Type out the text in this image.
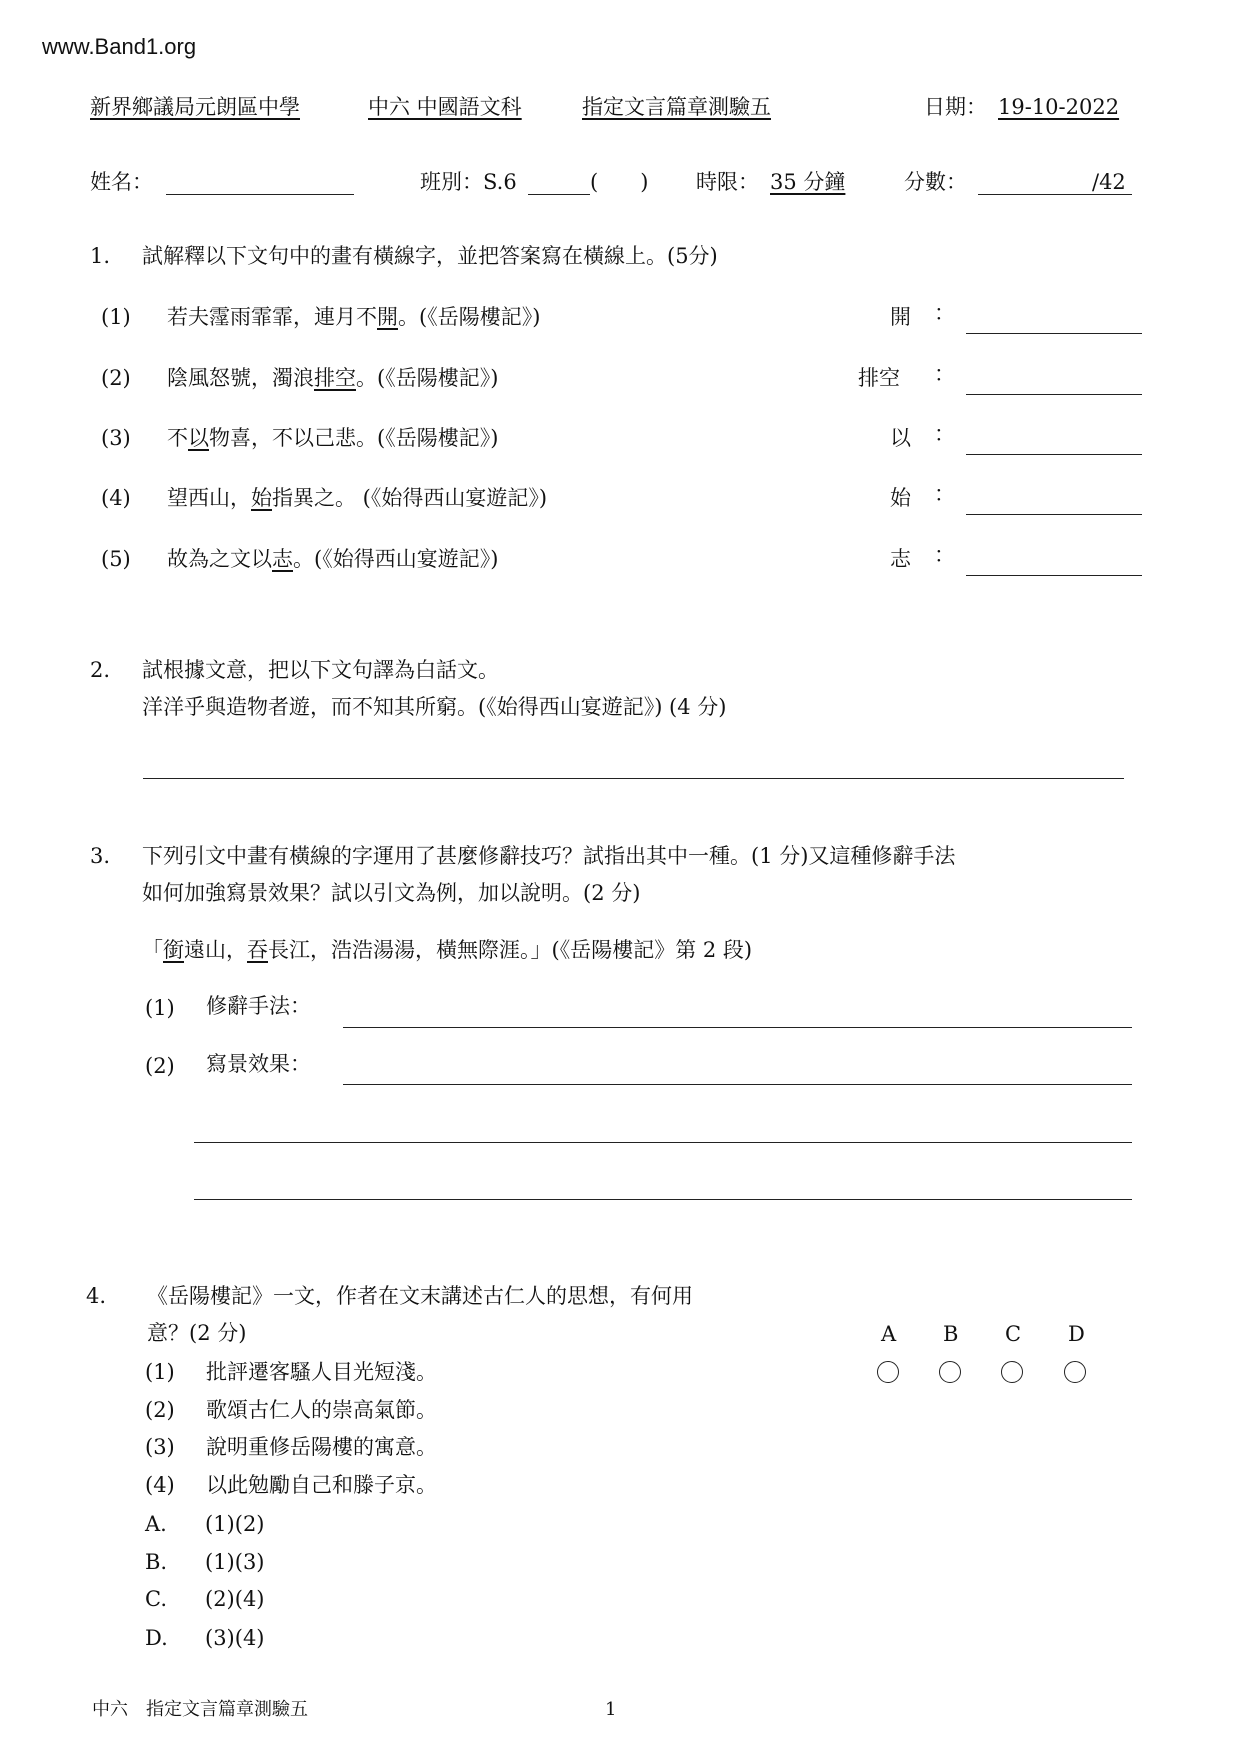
www.Band1.org
新界鄉議局元朗區中學	中六 中國語文科	指定文言篇章測驗五	日期： 19-10-2022
姓名：	班別：S.6	(　　) 時限： 35 分鐘	分數：	/42
1. 試解釋以下文句中的畫有橫線字，並把答案寫在橫線上。(5分)
(1) 若夫霪雨霏霏，連月不開。(《岳陽樓記》)	開 ：
(2) 陰風怒號，濁浪排空。(《岳陽樓記》)	排空 ：
(3) 不以物喜，不以己悲。(《岳陽樓記》)	以 ：
(4) 望西山，始指異之。 (《始得西山宴遊記》)	始 ：
(5) 故為之文以志。(《始得西山宴遊記》)	志 ：
2. 試根據文意，把以下文句譯為白話文。
洋洋乎與造物者遊，而不知其所窮。(《始得西山宴遊記》) (4 分)
3. 下列引文中畫有橫線的字運用了甚麼修辭技巧？試指出其中一種。(1 分)又這種修辭手法
如何加強寫景效果？試以引文為例，加以說明。(2 分)
「銜遠山，吞長江，浩浩湯湯，橫無際涯。」(《岳陽樓記》第 2 段)
(1) 修辭手法：
(2) 寫景效果：
4. 《岳陽樓記》一文，作者在文末講述古仁人的思想，有何用
意？(2 分)
(1) 批評遷客騷人目光短淺。
(2) 歌頌古仁人的崇高氣節。
(3) 說明重修岳陽樓的寓意。
(4) 以此勉勵自己和滕子京。
A. (1)(2)
B. (1)(3)
C. (2)(4)
D. (3)(4)
A B C D
中六　指定文言篇章測驗五	1
